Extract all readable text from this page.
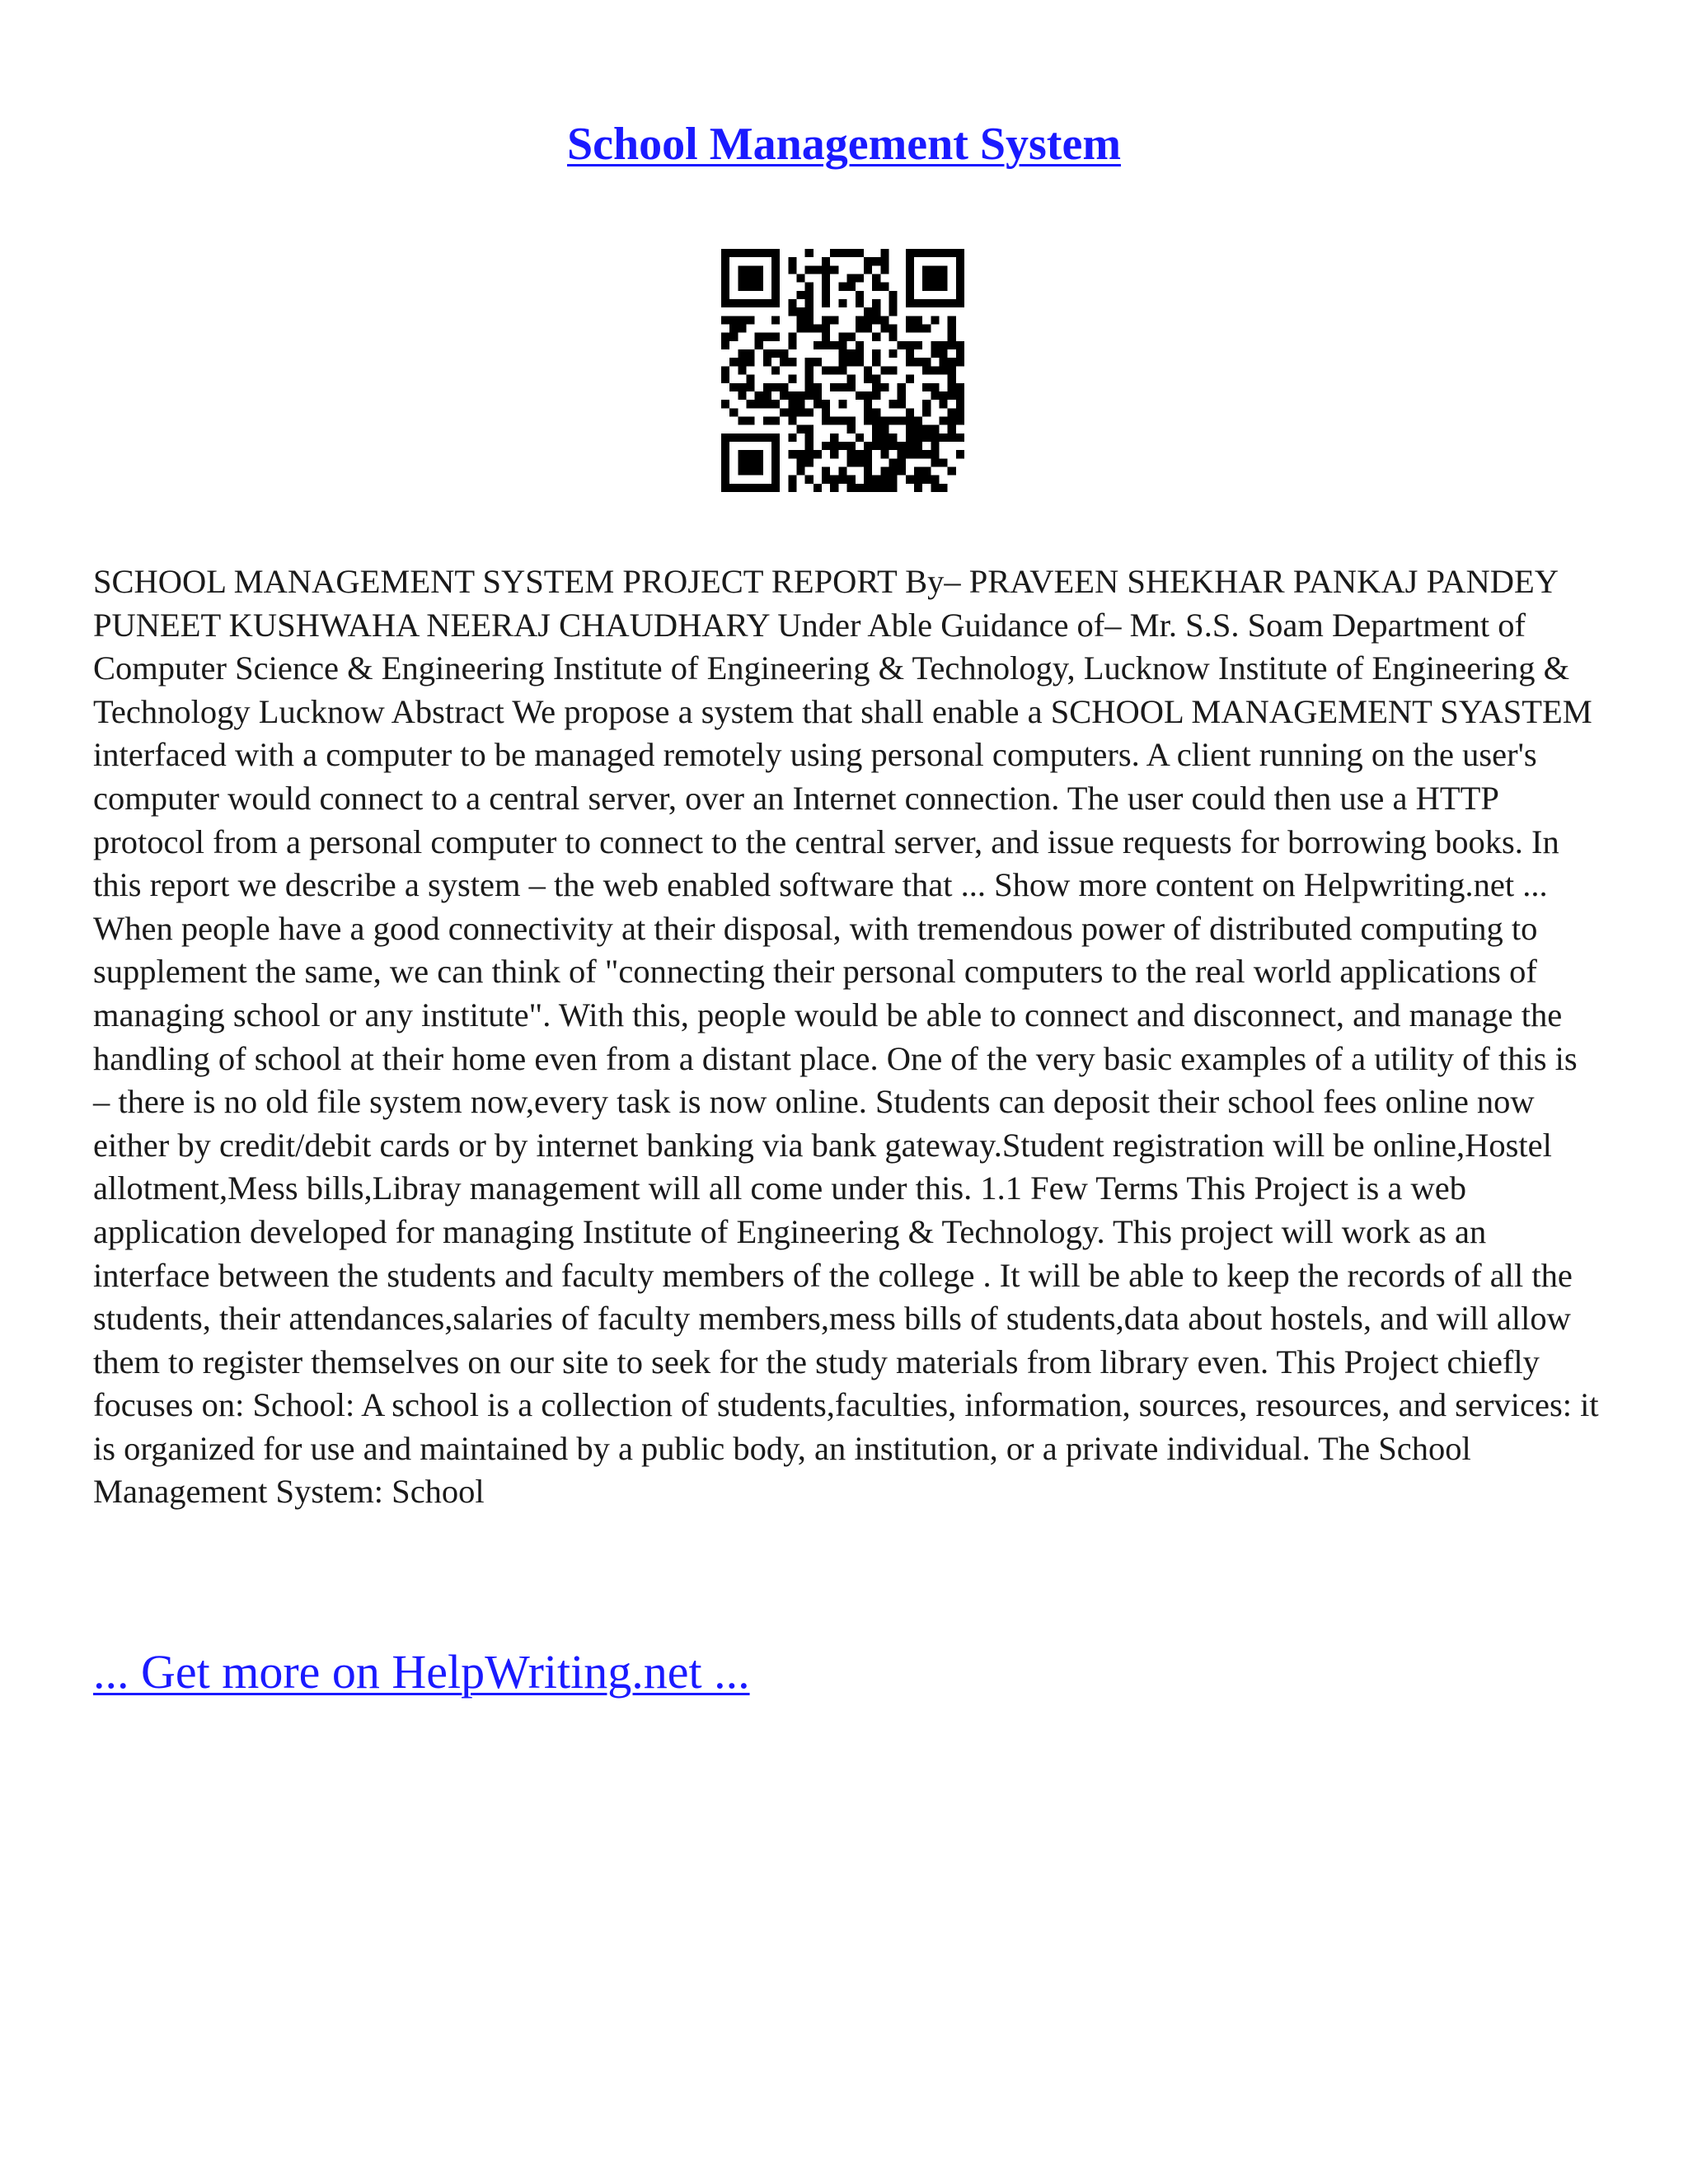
School Management System

SCHOOL MANAGEMENT SYSTEM PROJECT REPORT By– PRAVEEN SHEKHAR PANKAJ PANDEY PUNEET KUSHWAHA NEERAJ CHAUDHARY Under Able Guidance of– Mr. S.S. Soam Department of Computer Science & Engineering Institute of Engineering & Technology, Lucknow Institute of Engineering & Technology Lucknow Abstract We propose a system that shall enable a SCHOOL MANAGEMENT SYASTEM interfaced with a computer to be managed remotely using personal computers. A client running on the user's computer would connect to a central server, over an Internet connection. The user could then use a HTTP protocol from a personal computer to connect to the central server, and issue requests for borrowing books. In this report we describe a system – the web enabled software that ... Show more content on Helpwriting.net ... When people have a good connectivity at their disposal, with tremendous power of distributed computing to supplement the same, we can think of "connecting their personal computers to the real world applications of managing school or any institute". With this, people would be able to connect and disconnect, and manage the handling of school at their home even from a distant place. One of the very basic examples of a utility of this is – there is no old file system now,every task is now online. Students can deposit their school fees online now either by credit/debit cards or by internet banking via bank gateway.Student registration will be online,Hostel allotment,Mess bills,Libray management will all come under this. 1.1 Few Terms This Project is a web application developed for managing Institute of Engineering & Technology. This project will work as an interface between the students and faculty members of the college . It will be able to keep the records of all the students, their attendances,salaries of faculty members,mess bills of students,data about hostels, and will allow them to register themselves on our site to seek for the study materials from library even. This Project chiefly focuses on: School: A school is a collection of students,faculties, information, sources, resources, and services: it is organized for use and maintained by a public body, an institution, or a private individual. The School Management System: School

... Get more on HelpWriting.net ...
